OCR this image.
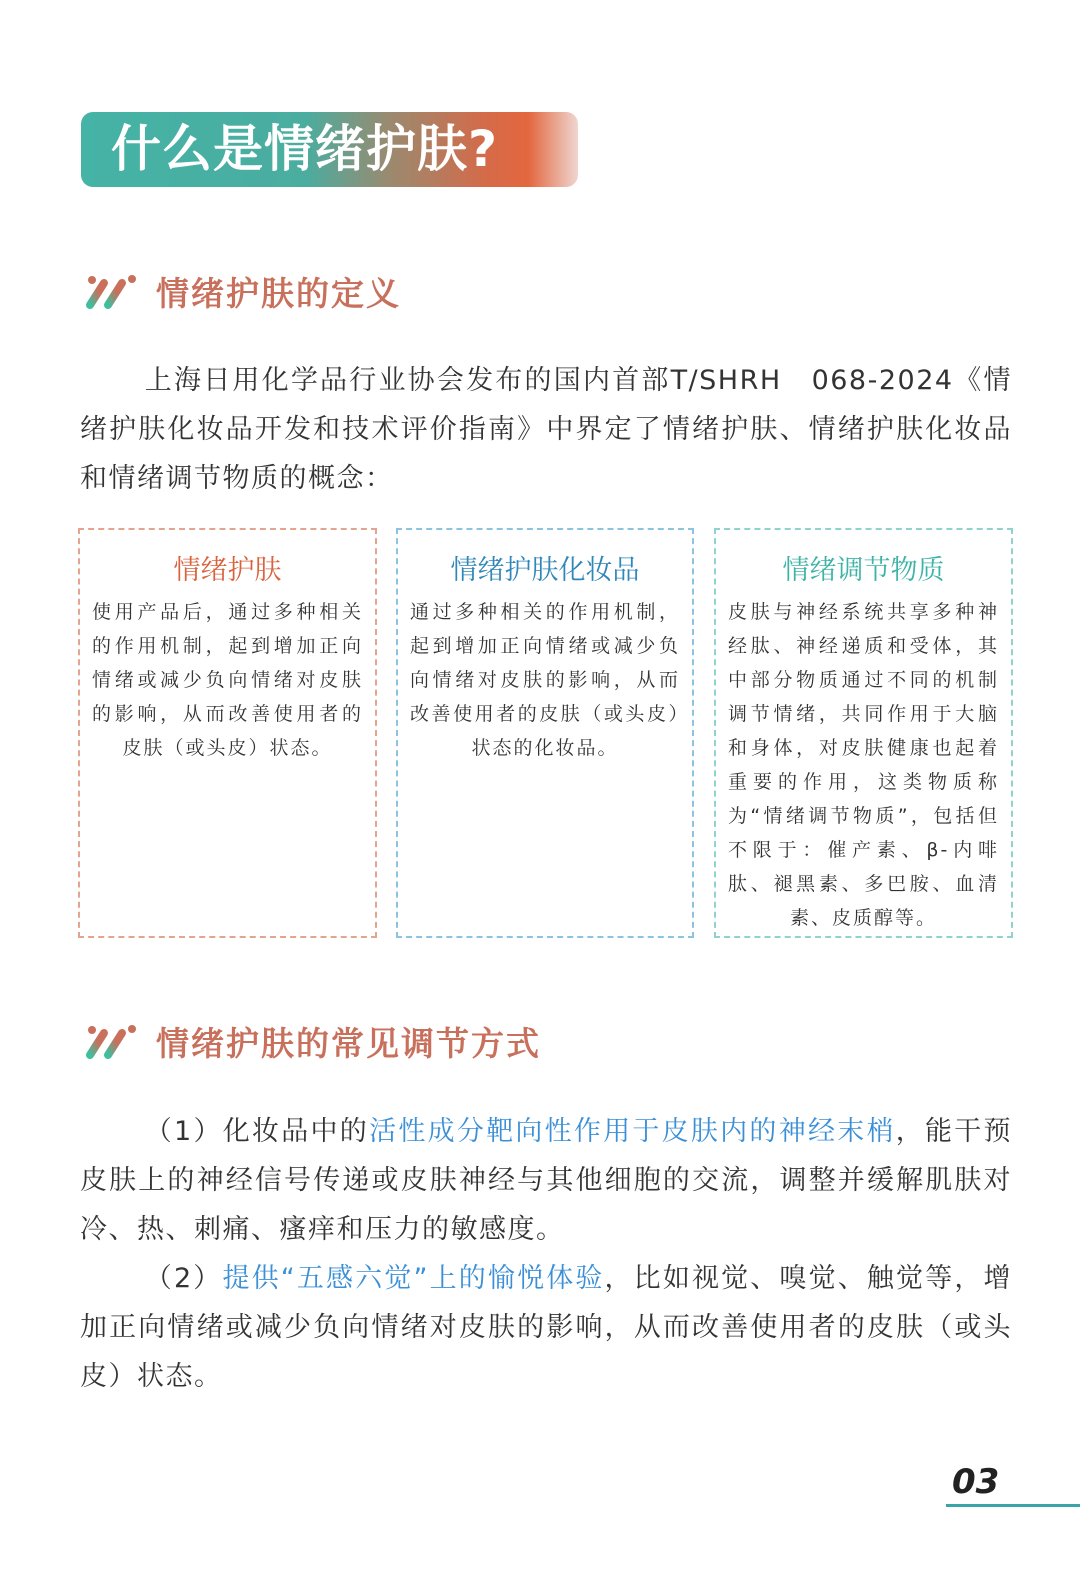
什么是情绪护肤?
情绪护肤的定义

上海日用化学品行业协会发布的国内首部T/SHRH　068-2024《情绪护肤化妆品开发和技术评价指南》中界定了情绪护肤、情绪护肤化妆品和情绪调节物质的概念：

情绪护肤

使用产品后，通过多种相关的作用机制，起到增加正向情绪或减少负向情绪对皮肤的影响，从而改善使用者的皮肤（或头皮）状态。

情绪护肤化妆品

通过多种相关的作用机制，起到增加正向情绪或减少负向情绪对皮肤的影响，从而改善使用者的皮肤（或头皮）状态的化妆品。

情绪调节物质

皮肤与神经系统共享多种神经肽、神经递质和受体，其中部分物质通过不同的机制调节情绪，共同作用于大脑和身体，对皮肤健康也起着重要的作用，这类物质称为“情绪调节物质”，包括但不限于：催产素、β-内啡肽、褪黑素、多巴胺、血清素、皮质醇等。

情绪护肤的常见调节方式

（1）化妆品中的活性成分靶向性作用于皮肤内的神经末梢，能干预皮肤上的神经信号传递或皮肤神经与其他细胞的交流，调整并缓解肌肤对冷、热、刺痛、瘙痒和压力的敏感度。

（2）提供“五感六觉”上的愉悦体验，比如视觉、嗅觉、触觉等，增加正向情绪或减少负向情绪对皮肤的影响，从而改善使用者的皮肤（或头皮）状态。

03
